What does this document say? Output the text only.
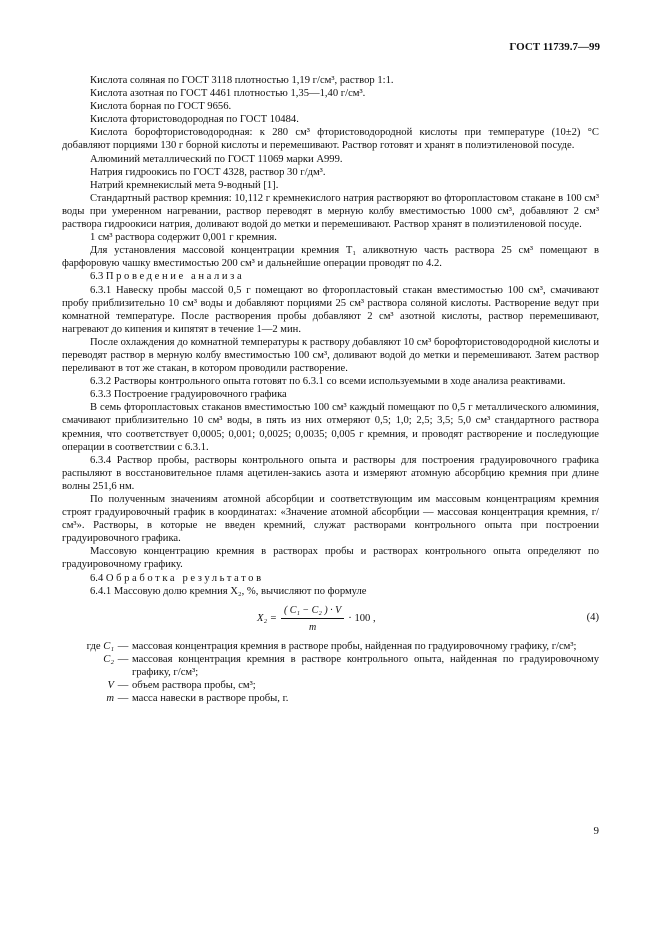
ГОСТ 11739.7—99

Кислота соляная по ГОСТ 3118 плотностью 1,19 г/см³, раствор 1:1.

Кислота азотная по ГОСТ 4461 плотностью 1,35—1,40 г/см³.

Кислота борная по ГОСТ 9656.

Кислота фтористоводородная по ГОСТ 10484.

Кислота борофтористоводородная: к 280 см³ фтористоводородной кислоты при температуре (10±2) °С добавляют порциями 130 г борной кислоты и перемешивают. Раствор готовят и хранят в полиэтиленовой посуде.

Алюминий металлический по ГОСТ 11069 марки А999.

Натрия гидроокись по ГОСТ 4328, раствор 30 г/дм³.

Натрий кремнекислый мета 9-водный [1].

Стандартный раствор кремния: 10,112 г кремнекислого натрия растворяют во фторопластовом стакане в 100 см³ воды при умеренном нагревании, раствор переводят в мерную колбу вместимостью 1000 см³, добавляют 2 см³ раствора гидроокиси натрия, доливают водой до метки и перемешивают. Раствор хранят в полиэтиленовой посуде.

1 см³ раствора содержит 0,001 г кремния.

Для установления массовой концентрации кремния T₁ аликвотную часть раствора 25 см³ помещают в фарфоровую чашку вместимостью 200 см³ и дальнейшие операции проводят по 4.2.

6.3 Проведение анализа

6.3.1 Навеску пробы массой 0,5 г помещают во фторопластовый стакан вместимостью 100 см³, смачивают пробу приблизительно 10 см³ воды и добавляют порциями 25 см³ раствора соляной кислоты. Растворение ведут при комнатной температуре. После растворения пробы добавляют 2 см³ азотной кислоты, раствор перемешивают, нагревают до кипения и кипятят в течение 1—2 мин.

После охлаждения до комнатной температуры к раствору добавляют 10 см³ борофтористоводородной кислоты и переводят раствор в мерную колбу вместимостью 100 см³, доливают водой до метки и перемешивают. Затем раствор переливают в тот же стакан, в котором проводили растворение.

6.3.2 Растворы контрольного опыта готовят по 6.3.1 со всеми используемыми в ходе анализа реактивами.

6.3.3 Построение градуировочного графика

В семь фторопластовых стаканов вместимостью 100 см³ каждый помещают по 0,5 г металлического алюминия, смачивают приблизительно 10 см³ воды, в пять из них отмеряют 0,5; 1,0; 2,5; 3,5; 5,0 см³ стандартного раствора кремния, что соответствует 0,0005; 0,001; 0,0025; 0,0035; 0,005 г кремния, и проводят растворение и последующие операции в соответствии с 6.3.1.

6.3.4 Раствор пробы, растворы контрольного опыта и растворы для построения градуировочного графика распыляют в восстановительное пламя ацетилен-закись азота и измеряют атомную абсорбцию кремния при длине волны 251,6 нм.

По полученным значениям атомной абсорбции и соответствующим им массовым концентрациям кремния строят градуировочный график в координатах: «Значение атомной абсорбции — массовая концентрация кремния, г/см³». Растворы, в которые не введен кремний, служат растворами контрольного опыта при построении градуировочного графика.

Массовую концентрацию кремния в растворах пробы и растворах контрольного опыта определяют по градуировочному графику.

6.4 Обработка результатов

6.4.1 Массовую долю кремния X₂, %, вычисляют по формуле

$X_2 = \frac{\text{( C₁ − C₂ ) · V}}{m} \cdot 100$ ,	(4)
где C₁ — массовая концентрация кремния в растворе пробы, найденная по градуировочному графику, г/см³;
C₂ — массовая концентрация кремния в растворе контрольного опыта, найденная по градуировочному графику, г/см³;
V — объем раствора пробы, см³;
m — масса навески в растворе пробы, г.
9
